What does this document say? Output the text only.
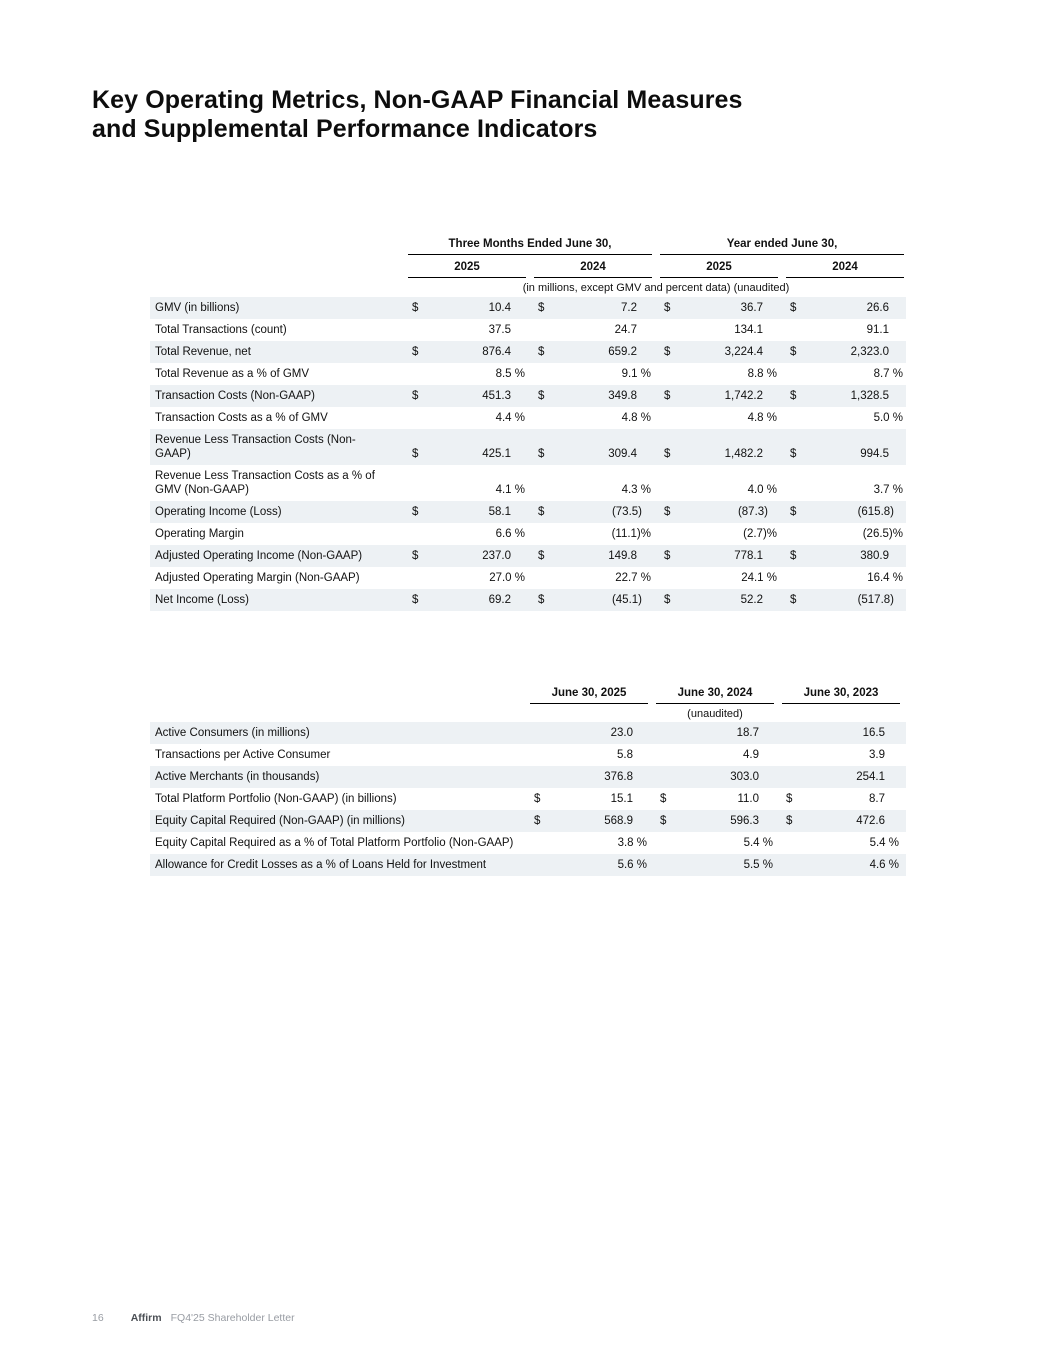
Key Operating Metrics, Non-GAAP Financial Measures
and Supplemental Performance Indicators
Three Months Ended June 30,	Year ended June 30,
2025	2024	2025	2024
(in millions, except GMV and percent data) (unaudited)
GMV (in billions)	$	10.4	$	7.2	$	36.7	$	26.6
Total Transactions (count)	37.5	24.7	134.1	91.1
Total Revenue, net	$	876.4	$	659.2	$	3,224.4	$	2,323.0
Total Revenue as a % of GMV	8.5 %	9.1 %	8.8 %	8.7 %
Transaction Costs (Non-GAAP)	$	451.3	$	349.8	$	1,742.2	$	1,328.5
Transaction Costs as a % of GMV	4.4 %	4.8 %	4.8 %	5.0 %
Revenue Less Transaction Costs (Non-GAAP)	$	425.1	$	309.4	$	1,482.2	$	994.5
Revenue Less Transaction Costs as a % of GMV (Non-GAAP)	4.1 %	4.3 %	4.0 %	3.7 %
Operating Income (Loss)	$	58.1	$	(73.5)	$	(87.3)	$	(615.8)
Operating Margin	6.6 %	(11.1)%	(2.7)%	(26.5)%
Adjusted Operating Income (Non-GAAP)	$	237.0	$	149.8	$	778.1	$	380.9
Adjusted Operating Margin (Non-GAAP)	27.0 %	22.7 %	24.1 %	16.4 %
Net Income (Loss)	$	69.2	$	(45.1)	$	52.2	$	(517.8)
June 30, 2025	June 30, 2024	June 30, 2023
(unaudited)
Active Consumers (in millions)	23.0	18.7	16.5
Transactions per Active Consumer	5.8	4.9	3.9
Active Merchants (in thousands)	376.8	303.0	254.1
Total Platform Portfolio (Non-GAAP) (in billions)	$	15.1	$	11.0	$	8.7
Equity Capital Required (Non-GAAP) (in millions)	$	568.9	$	596.3	$	472.6
Equity Capital Required as a % of Total Platform Portfolio (Non-GAAP)	3.8 %	5.4 %	5.4 %
Allowance for Credit Losses as a % of Loans Held for Investment	5.6 %	5.5 %	4.6 %
16	Affirm FQ4'25 Shareholder Letter
